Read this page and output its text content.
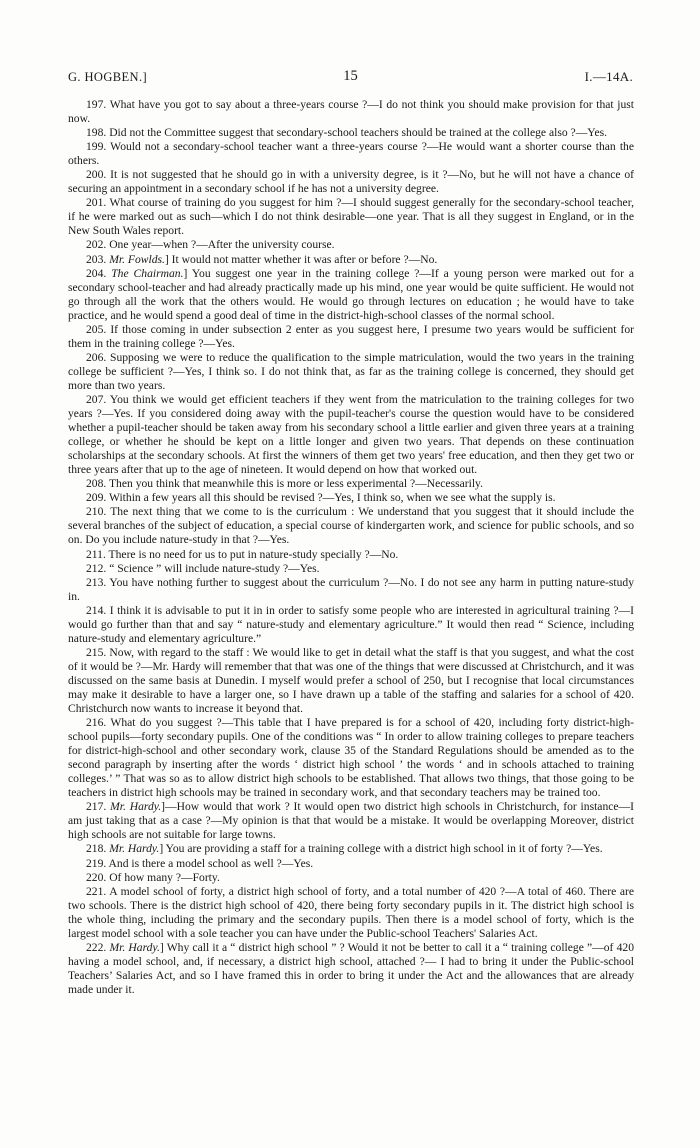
G. HOGBEN.]	15	I.—14A.
197. What have you got to say about a three-years course ?—I do not think you should make provision for that just now.
198. Did not the Committee suggest that secondary-school teachers should be trained at the college also ?—Yes.
199. Would not a secondary-school teacher want a three-years course ?—He would want a shorter course than the others.
200. It is not suggested that he should go in with a university degree, is it ?—No, but he will not have a chance of securing an appointment in a secondary school if he has not a university degree.
201. What course of training do you suggest for him ?—I should suggest generally for the secondary-school teacher, if he were marked out as such—which I do not think desirable—one year. That is all they suggest in England, or in the New South Wales report.
202. One year—when ?—After the university course.
203. Mr. Fowlds.] It would not matter whether it was after or before ?—No.
204. The Chairman.] You suggest one year in the training college ?—If a young person were marked out for a secondary school-teacher and had already practically made up his mind, one year would be quite sufficient. He would not go through all the work that the others would. He would go through lectures on education ; he would have to take practice, and he would spend a good deal of time in the district-high-school classes of the normal school.
205. If those coming in under subsection 2 enter as you suggest here, I presume two years would be sufficient for them in the training college ?—Yes.
206. Supposing we were to reduce the qualification to the simple matriculation, would the two years in the training college be sufficient ?—Yes, I think so. I do not think that, as far as the training college is concerned, they should get more than two years.
207. You think we would get efficient teachers if they went from the matriculation to the training colleges for two years ?—Yes. If you considered doing away with the pupil-teacher's course the question would have to be considered whether a pupil-teacher should be taken away from his secondary school a little earlier and given three years at a training college, or whether he should be kept on a little longer and given two years. That depends on these continuation scholarships at the secondary schools. At first the winners of them get two years' free education, and then they get two or three years after that up to the age of nineteen. It would depend on how that worked out.
208. Then you think that meanwhile this is more or less experimental ?—Necessarily.
209. Within a few years all this should be revised ?—Yes, I think so, when we see what the supply is.
210. The next thing that we come to is the curriculum : We understand that you suggest that it should include the several branches of the subject of education, a special course of kindergarten work, and science for public schools, and so on. Do you include nature-study in that ?—Yes.
211. There is no need for us to put in nature-study specially ?—No.
212. “ Science ” will include nature-study ?—Yes.
213. You have nothing further to suggest about the curriculum ?—No. I do not see any harm in putting nature-study in.
214. I think it is advisable to put it in in order to satisfy some people who are interested in agricultural training ?—I would go further than that and say “ nature-study and elementary agriculture.” It would then read “ Science, including nature-study and elementary agriculture.”
215. Now, with regard to the staff : We would like to get in detail what the staff is that you suggest, and what the cost of it would be ?—Mr. Hardy will remember that that was one of the things that were discussed at Christchurch, and it was discussed on the same basis at Dunedin. I myself would prefer a school of 250, but I recognise that local circumstances may make it desirable to have a larger one, so I have drawn up a table of the staffing and salaries for a school of 420. Christchurch now wants to increase it beyond that.
216. What do you suggest ?—This table that I have prepared is for a school of 420, including forty district-high-school pupils—forty secondary pupils. One of the conditions was “ In order to allow training colleges to prepare teachers for district-high-school and other secondary work, clause 35 of the Standard Regulations should be amended as to the second paragraph by inserting after the words ‘ district high school ’ the words ‘ and in schools attached to training colleges.’ ” That was so as to allow district high schools to be established. That allows two things, that those going to be teachers in district high schools may be trained in secondary work, and that secondary teachers may be trained too.
217. Mr. Hardy.]—How would that work ? It would open two district high schools in Christchurch, for instance—I am just taking that as a case ?—My opinion is that that would be a mistake. It would be overlapping Moreover, district high schools are not suitable for large towns.
218. Mr. Hardy.] You are providing a staff for a training college with a district high school in it of forty ?—Yes.
219. And is there a model school as well ?—Yes.
220. Of how many ?—Forty.
221. A model school of forty, a district high school of forty, and a total number of 420 ?—A total of 460. There are two schools. There is the district high school of 420, there being forty secondary pupils in it. The district high school is the whole thing, including the primary and the secondary pupils. Then there is a model school of forty, which is the largest model school with a sole teacher you can have under the Public-school Teachers' Salaries Act.
222. Mr. Hardy.] Why call it a “ district high school ” ? Would it not be better to call it a “ training college ”—of 420 having a model school, and, if necessary, a district high school, attached ?— I had to bring it under the Public-school Teachers’ Salaries Act, and so I have framed this in order to bring it under the Act and the allowances that are already made under it.
